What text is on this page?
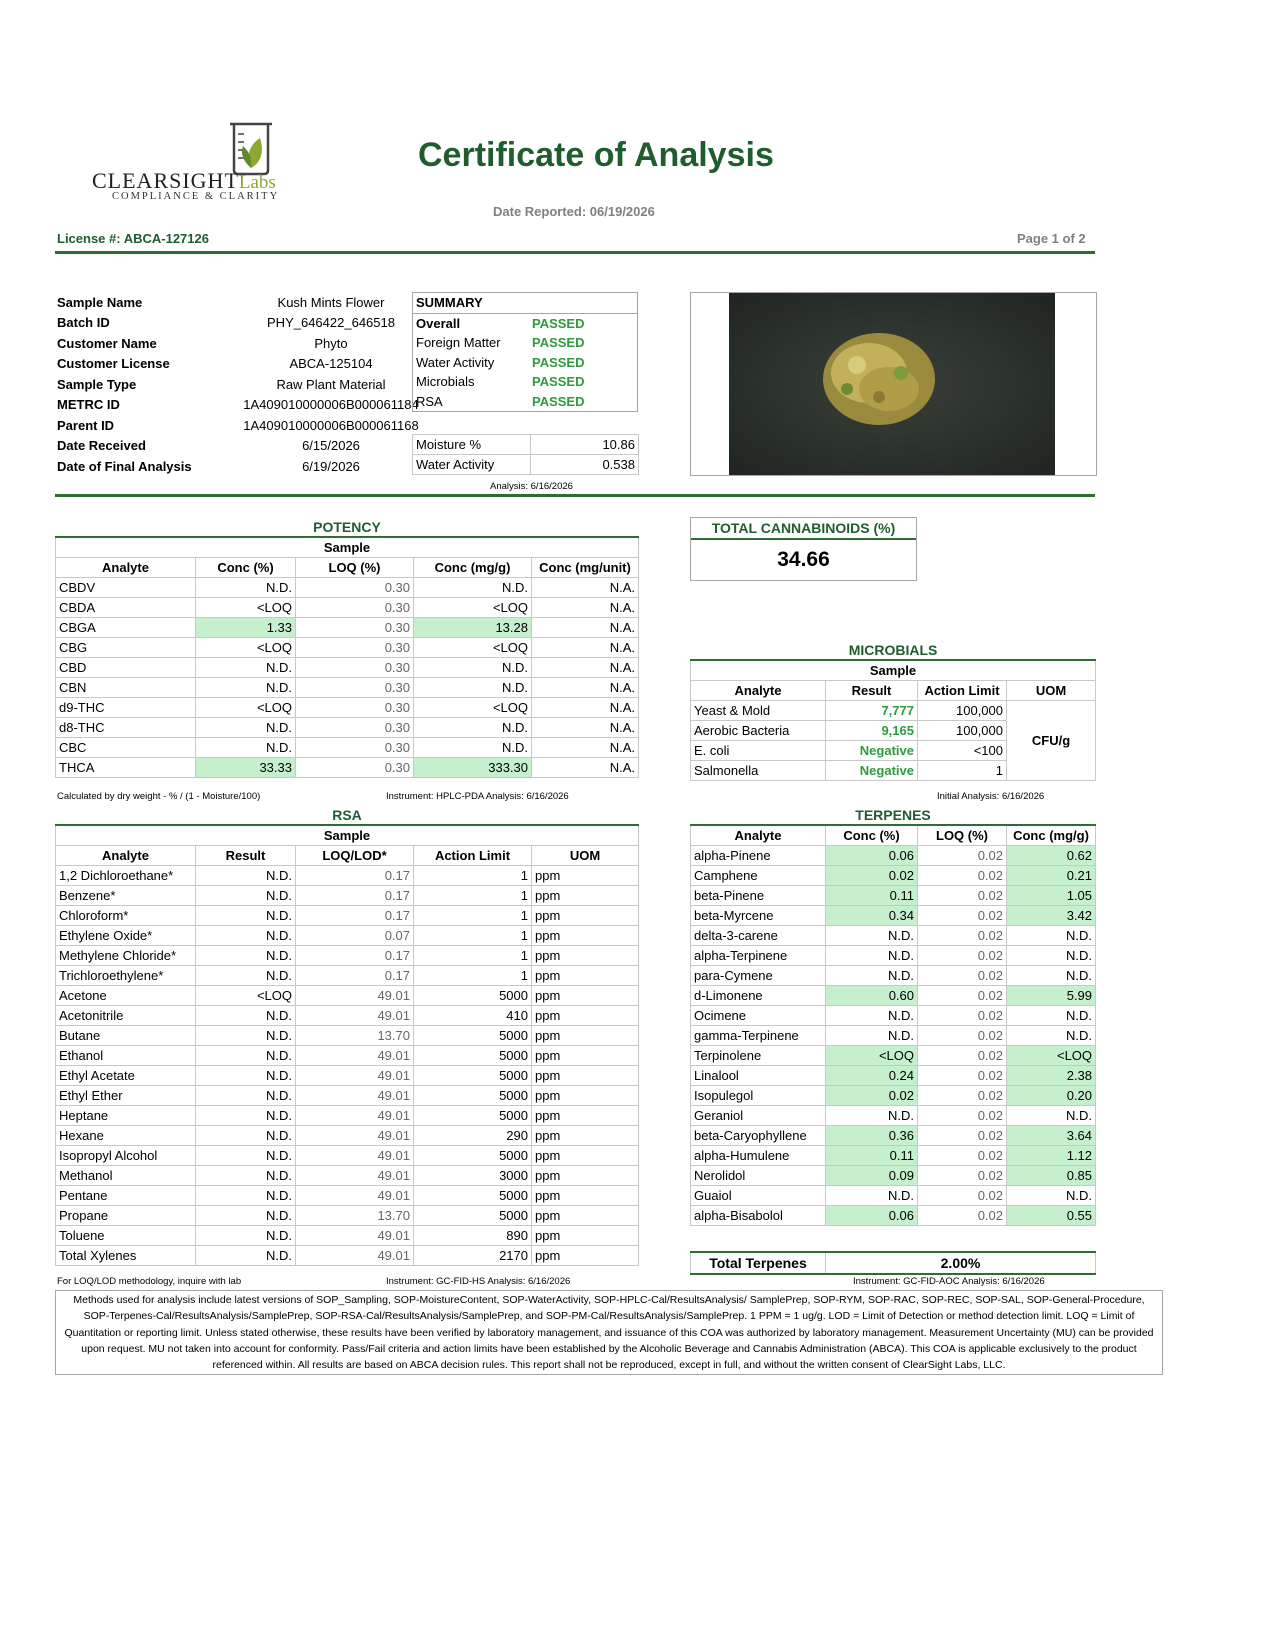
CLEARSIGHTLabs
COMPLIANCE & CLARITY
Certificate of Analysis
Date Reported: 06/19/2026
License #: ABCA-127126	Page 1 of 2
Sample Name	Kush Mints Flower
Batch ID	PHY_646422_646518
Customer Name	Phyto
Customer License	ABCA-125104
Sample Type	Raw Plant Material
METRC ID	1A409010000006B000061184
Parent ID	1A409010000006B000061168
Date Received	6/15/2026
Date of Final Analysis	6/19/2026
SUMMARY	
Overall	PASSED
Foreign Matter	PASSED
Water Activity	PASSED
Microbials	PASSED
RSA	PASSED
Moisture %	10.86
Water Activity	0.538
Analysis: 6/16/2026
POTENCY				
Sample				
Analyte	Conc (%)	LOQ (%)	Conc (mg/g)	Conc (mg/unit)
CBDV	N.D.	0.30	N.D.	N.A.
CBDA	<LOQ	0.30	<LOQ	N.A.
CBGA	1.33	0.30	13.28	N.A.
CBG	<LOQ	0.30	<LOQ	N.A.
CBD	N.D.	0.30	N.D.	N.A.
CBN	N.D.	0.30	N.D.	N.A.
d9-THC	<LOQ	0.30	<LOQ	N.A.
d8-THC	N.D.	0.30	N.D.	N.A.
CBC	N.D.	0.30	N.D.	N.A.
THCA	33.33	0.30	333.30	N.A.
Calculated by dry weight - % / (1 - Moisture/100)	Instrument: HPLC-PDA Analysis: 6/16/2026
TOTAL CANNABINOIDS (%)
34.66
MICROBIALS			
Sample			
Analyte	Result	Action Limit	UOM
Yeast & Mold	7,777	100,000	CFU/g
Aerobic Bacteria	9,165	100,000	
E. coli	Negative	<100	
Salmonella	Negative	1	
Initial Analysis: 6/16/2026
RSA				
Sample				
Analyte	Result	LOQ/LOD*	Action Limit	UOM
1,2 Dichloroethane*	N.D.	0.17	1	ppm
Benzene*	N.D.	0.17	1	ppm
Chloroform*	N.D.	0.17	1	ppm
Ethylene Oxide*	N.D.	0.07	1	ppm
Methylene Chloride*	N.D.	0.17	1	ppm
Trichloroethylene*	N.D.	0.17	1	ppm
Acetone	<LOQ	49.01	5000	ppm
Acetonitrile	N.D.	49.01	410	ppm
Butane	N.D.	13.70	5000	ppm
Ethanol	N.D.	49.01	5000	ppm
Ethyl Acetate	N.D.	49.01	5000	ppm
Ethyl Ether	N.D.	49.01	5000	ppm
Heptane	N.D.	49.01	5000	ppm
Hexane	N.D.	49.01	290	ppm
Isopropyl Alcohol	N.D.	49.01	5000	ppm
Methanol	N.D.	49.01	3000	ppm
Pentane	N.D.	49.01	5000	ppm
Propane	N.D.	13.70	5000	ppm
Toluene	N.D.	49.01	890	ppm
Total Xylenes	N.D.	49.01	2170	ppm
TERPENES			
Analyte	Conc (%)	LOQ (%)	Conc (mg/g)
alpha-Pinene	0.06	0.02	0.62
Camphene	0.02	0.02	0.21
beta-Pinene	0.11	0.02	1.05
beta-Myrcene	0.34	0.02	3.42
delta-3-carene	N.D.	0.02	N.D.
alpha-Terpinene	N.D.	0.02	N.D.
para-Cymene	N.D.	0.02	N.D.
d-Limonene	0.60	0.02	5.99
Ocimene	N.D.	0.02	N.D.
gamma-Terpinene	N.D.	0.02	N.D.
Terpinolene	<LOQ	0.02	<LOQ
Linalool	0.24	0.02	2.38
Isopulegol	0.02	0.02	0.20
Geraniol	N.D.	0.02	N.D.
beta-Caryophyllene	0.36	0.02	3.64
alpha-Humulene	0.11	0.02	1.12
Nerolidol	0.09	0.02	0.85
Guaiol	N.D.	0.02	N.D.
alpha-Bisabolol	0.06	0.02	0.55
Total Terpenes	2.00%
For LOQ/LOD methodology, inquire with lab	Instrument: GC-FID-HS Analysis: 6/16/2026	Instrument: GC-FID-AOC Analysis: 6/16/2026
Methods used for analysis include latest versions of SOP_Sampling, SOP-MoistureContent, SOP-WaterActivity, SOP-HPLC-Cal/ResultsAnalysis/ SamplePrep, SOP-RYM, SOP-RAC, SOP-REC, SOP-SAL, SOP-General-Procedure, SOP-Terpenes-Cal/ResultsAnalysis/SamplePrep, SOP-RSA-Cal/ResultsAnalysis/SamplePrep, and SOP-PM-Cal/ResultsAnalysis/SamplePrep. 1 PPM = 1 ug/g. LOD = Limit of Detection or method detection limit. LOQ = Limit of Quantitation or reporting limit. Unless stated otherwise, these results have been verified by laboratory management, and issuance of this COA was authorized by laboratory management. Measurement Uncertainty (MU) can be provided upon request. MU not taken into account for conformity. Pass/Fail criteria and action limits have been established by the Alcoholic Beverage and Cannabis Administration (ABCA). This COA is applicable exclusively to the product referenced within. All results are based on ABCA decision rules. This report shall not be reproduced, except in full, and without the written consent of ClearSight Labs, LLC.
